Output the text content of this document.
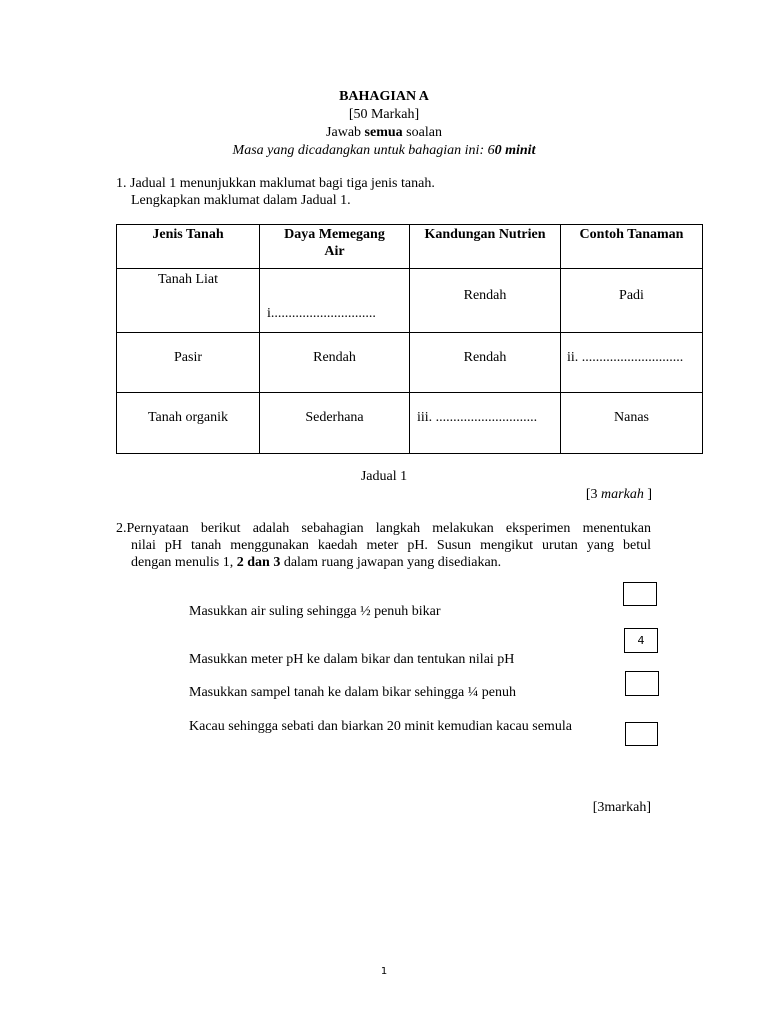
BAHAGIAN A
[50 Markah]
Jawab semua soalan
Masa yang dicadangkan untuk bahagian ini: 60 minit
1. Jadual 1 menunjukkan maklumat bagi tiga jenis tanah.
Lengkapkan maklumat dalam Jadual 1.
Jenis Tanah	Daya Memegang Air	Kandungan Nutrien	Contoh Tanaman
Tanah Liat	i..............................	Rendah	Padi
Pasir	Rendah	Rendah	ii. .............................
Tanah organik	Sederhana	iii. .............................	Nanas
Jadual 1
[3 markah ]
2.Pernyataan berikut adalah sebahagian langkah melakukan eksperimen menentukan
nilai pH tanah menggunakan kaedah meter pH. Susun mengikut urutan yang betul
dengan menulis 1, 2 dan 3 dalam ruang jawapan yang disediakan.
Masukkan air suling sehingga ½ penuh bikar
Masukkan meter pH ke dalam bikar dan tentukan nilai pH
Masukkan sampel tanah ke dalam bikar sehingga ¼ penuh
Kacau sehingga sebati dan biarkan 20 minit kemudian kacau semula
4
[3markah]
1
